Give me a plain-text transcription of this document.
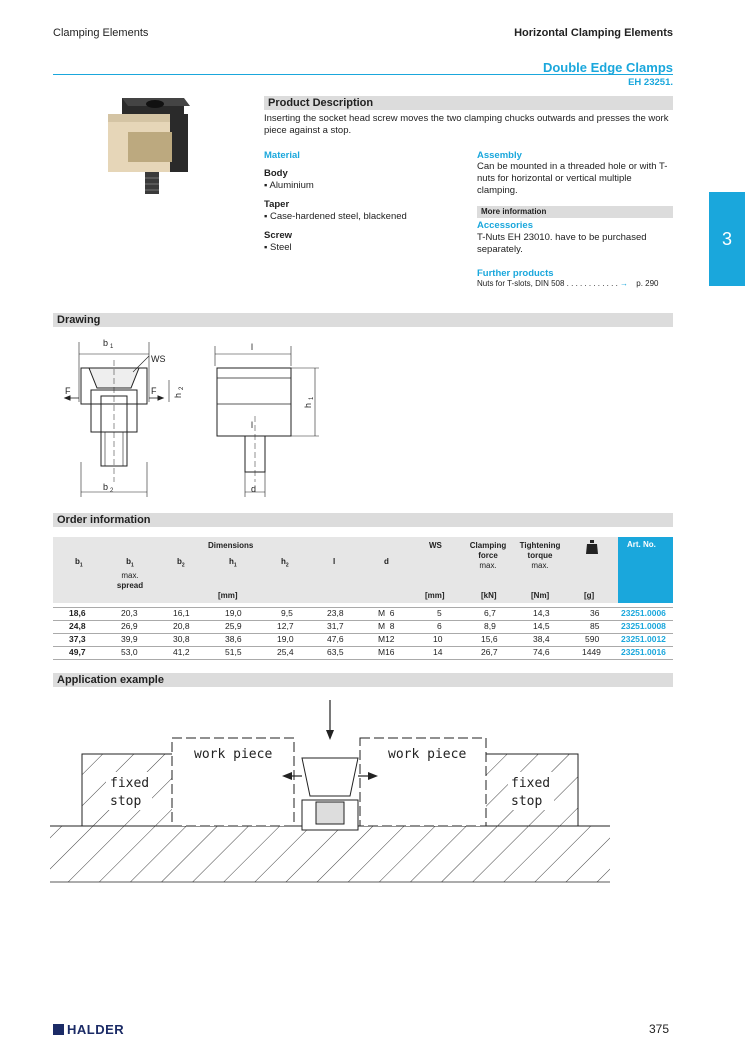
Clamping Elements	Horizontal Clamping Elements
Double Edge Clamps
EH 23251.
3
Product Description
Inserting the socket head screw moves the two clamping chucks outwards and presses the work piece against a stop.
Material
Body
▪ Aluminium
Taper
▪ Case-hardened steel, blackened
Screw
▪ Steel
Assembly
Can be mounted in a threaded hole or with T-nuts for horizontal or vertical multiple clamping.
More information
Accessories
T-Nuts EH 23010. have to be purchased separately.
Further products
Nuts for T-slots, DIN 508 . . . . . . . . . . . . → p. 290
Drawing
b 1
WS
F	F h
2
b 2
l
l
h
1
d
Order information
Dimensions
$b_1$	$b_1$
max.
spread
$b_2$	$h_1$	$h_2$	l	d
WS	Clamping
force
max.
Tightening
torque
max.
Art. No.
[mm]	[mm]	[kN]	[Nm]	[g]
18,6	20,3	16,1	19,0	9,5	23,8	M  6	5	6,7	14,3	36	23251.0006
24,8	26,9	20,8	25,9	12,7	31,7	M  8	6	8,9	14,5	85	23251.0008
37,3	39,9	30,8	38,6	19,0	47,6	M12	10	15,6	38,4	590	23251.0012
49,7	53,0	41,2	51,5	25,4	63,5	M16	14	26,7	74,6	1449 23251.0016
Application example
work piece	work piece
fixed
stop
fixed
stop
HALDER	375
